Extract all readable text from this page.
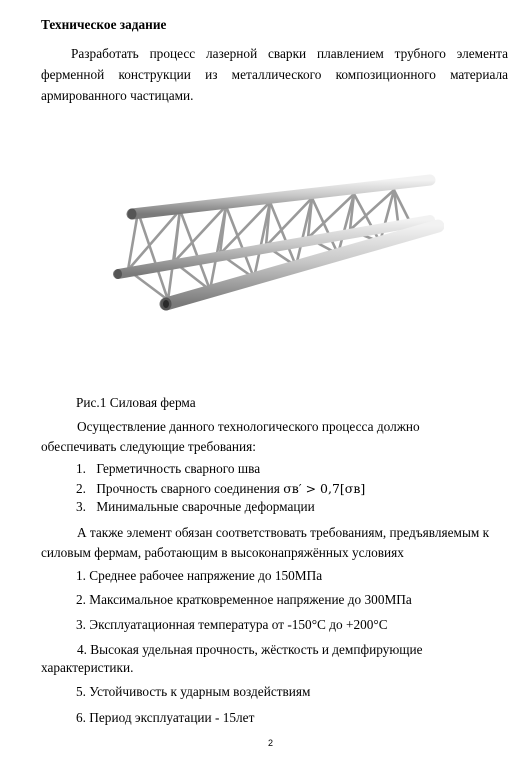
Техническое задание
Разработать процесс лазерной сварки плавлением трубного элемента ферменной конструкции из металлического композиционного материала армированного частицами.
Рис.1 Силовая ферма
Осуществление данного технологического процесса должно обеспечивать следующие требования:
1. Герметичность сварного шва
2. Прочность сварного соединения σв′ > 0,7[σв]
3. Минимальные сварочные деформации
А также элемент обязан соответствовать требованиям, предъявляемым к силовым фермам, работающим в высоконапряжённых условиях
1. Среднее рабочее напряжение до 150МПа
2. Максимальное кратковременное напряжение до 300МПа
3. Эксплуатационная температура от -150°С до +200°С
4. Высокая удельная прочность, жёсткость и демпфирующие характеристики.
5. Устойчивость к ударным воздействиям
6. Период эксплуатации - 15лет
2
